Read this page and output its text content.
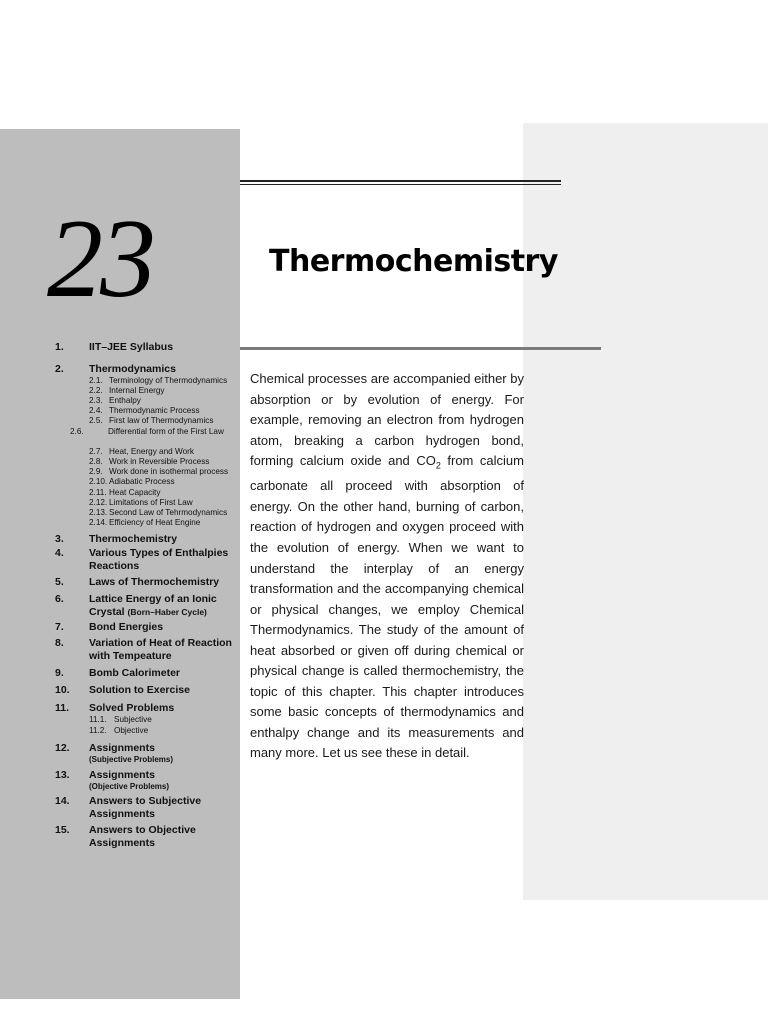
23	Thermochemistry
1. IIT–JEE Syllabus
2. Thermodynamics
2.1. Terminology of Thermodynamics
2.2. Internal Energy
2.3. Enthalpy
2.4. Thermodynamic Process
2.5. First law of Thermodynamics
2.6.	Differential form of the First Law
2.7. Heat, Energy and Work
2.8. Work in Reversible Process
2.9. Work done in isothermal process
2.10. Adiabatic Process
2.11. Heat Capacity
2.12. Limitations of First Law
2.13. Second Law of Tehrmodynamics
2.14. Efficiency of Heat Engine
3. Thermochemistry
4. Various Types of Enthalpies Reactions
5. Laws of Thermochemistry
6. Lattice Energy of an Ionic Crystal (Born–Haber Cycle)
7. Bond Energies
8. Variation of Heat of Reaction with Tempeature
9. Bomb Calorimeter
10. Solution to Exercise
11. Solved Problems
11.1. Subjective
11.2. Objective
12. Assignments
(Subjective Problems)
13. Assignments
(Objective Problems)
14. Answers to Subjective Assignments
15. Answers to Objective Assignments

Chemical processes are accompanied either by absorption or by evolution of energy. For example, removing an electron from hydrogen atom, breaking a carbon hydrogen bond, forming calcium oxide and $CO_2$ from calcium carbonate all proceed with absorption of energy. On the other hand, burning of carbon, reaction of hydrogen and oxygen proceed with the evolution of energy. When we want to understand the interplay of an energy transformation and the accompanying chemical or physical changes, we employ Chemical Thermodynamics. The study of the amount of heat absorbed or given off during chemical or physical change is called thermochemistry, the topic of this chapter. This chapter introduces some basic concepts of thermodynamics and enthalpy change and its measurements and many more. Let us see these in detail.
